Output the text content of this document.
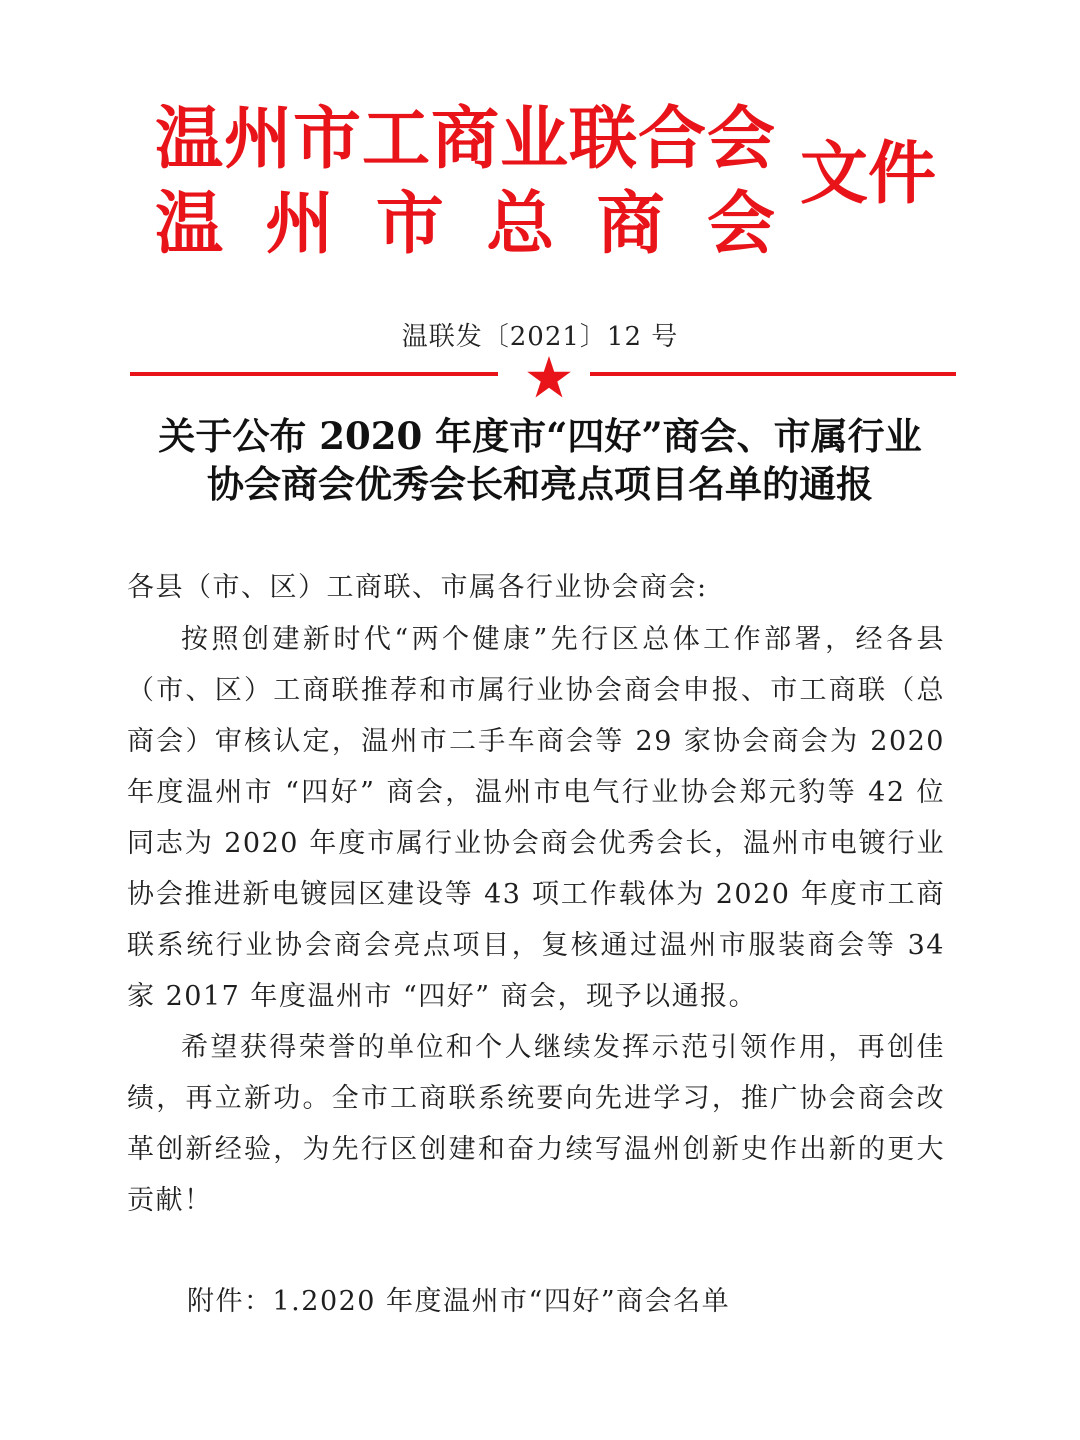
温州市工商业联合会
温州市总商会
文件
温联发〔2021〕12 号
关于公布 2020 年度市“四好”商会、市属行业
协会商会优秀会长和亮点项目名单的通报
各县（市、区）工商联、市属各行业协会商会:
按照创建新时代“两个健康”先行区总体工作部署，经各县（市、区）工商联推荐和市属行业协会商会申报、市工商联（总商会）审核认定，温州市二手车商会等 29 家协会商会为 2020 年度温州市 “四好” 商会，温州市电气行业协会郑元豹等 42 位同志为 2020 年度市属行业协会商会优秀会长，温州市电镀行业协会推进新电镀园区建设等 43 项工作载体为 2020 年度市工商联系统行业协会商会亮点项目，复核通过温州市服装商会等 34 家 2017 年度温州市 “四好” 商会，现予以通报。
希望获得荣誉的单位和个人继续发挥示范引领作用，再创佳绩，再立新功。全市工商联系统要向先进学习，推广协会商会改革创新经验，为先行区创建和奋力续写温州创新史作出新的更大贡献！
附件：1.2020 年度温州市“四好”商会名单
